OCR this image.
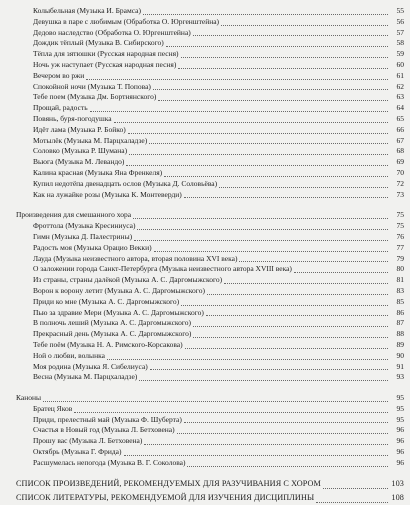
Колыбельная (Музыка И. Брамса)	55
Девушка в паре с любимым (Обработка О. Юргенштейна)	56
Дедово наследство (Обработка О. Юргенштейна)	57
Дождик тёплый (Музыка В. Сибирского)	58
Тёпла для зятюшки (Русская народная песня)	59
Ночь уж наступает (Русская народная песня)	60
Вечером во ржи	61
Спокойной ночи (Музыка Т. Попова)	62
Тебе поем (Музыка Дм. Бортнянского)	63
Прощай, радость	64
Повянь, буря-погодушка	65
Идёт лама (Музыка Р. Бойко)	66
Мотылёк (Музыка М. Парцхаладзе)	67
Соловко (Музыка Р. Шумана)	68
Вьюга (Музыка М. Левандо)	69
Калина красная (Музыка Яна Френкеля)	70
Купил недотёпа двенадцать ослов (Музыка Д. Соловьёва)	72
Как на лужайке розы (Музыка К. Монтеверди)	73
Произведения для смешанного хора	75
Фроттола (Музыка Кресиниуса)	75
Гимн (Музыка Д. Палестрины)	76
Радость моя (Музыка Орацио Векки)	77
Лауда (Музыка неизвестного автора, вторая половина XVI века)	79
О заложении города Санкт-Петербурга (Музыка неизвестного автора XVIII века)	80
Из страны, страны далёкой (Музыка А. С. Даргомыжского)	81
Ворон к ворону летит (Музыка А. С. Даргомыжского)	83
Приди ко мне (Музыка А. С. Даргомыжского)	85
Пью за здравие Мери (Музыка А. С. Даргомыжского)	86
В полночь леший (Музыка А. С. Даргомыжского)	87
Прекрасный день (Музыка А. С. Даргомыжского)	88
Тебе поём (Музыка Н. А. Римского-Корсакова)	89
Ной о любви, волынка	90
Моя родина (Музыка Я. Сибелиуса)	91
Весна (Музыка М. Парцхаладзе)	93
Каноны	95
Братец Яков	95
Приди, прелестный май (Музыка Ф. Шуберта)	95
Счастья в Новый год (Музыка Л. Бетховена)	96
Прошу вас (Музыка Л. Бетховена)	96
Октябрь (Музыка Г. Фрида)	96
Расшумелась непогода (Музыка В. Г. Соколова)	96
СПИСОК ПРОИЗВЕДЕНИЙ, РЕКОМЕНДУЕМЫХ ДЛЯ РАЗУЧИВАНИЯ С ХОРОМ	103
СПИСОК ЛИТЕРАТУРЫ, РЕКОМЕНДУЕМОЙ ДЛЯ ИЗУЧЕНИЯ ДИСЦИПЛИНЫ	108
